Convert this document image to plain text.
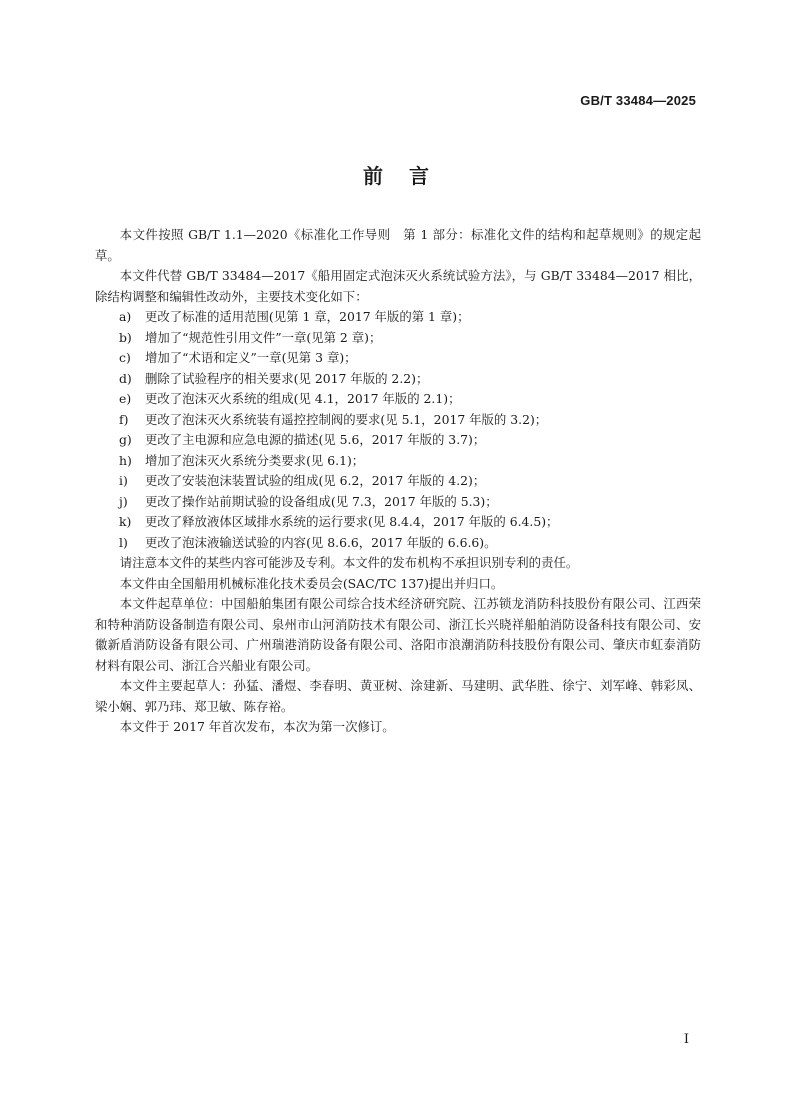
GB/T 33484—2025
前言

本文件按照 GB/T 1.1—2020《标准化工作导则　第 1 部分：标准化文件的结构和起草规则》的规定起草。

本文件代替 GB/T 33484—2017《船用固定式泡沫灭火系统试验方法》，与 GB/T 33484—2017 相比，除结构调整和编辑性改动外，主要技术变化如下：

a) 更改了标准的适用范围(见第 1 章，2017 年版的第 1 章)；

b) 增加了“规范性引用文件”一章(见第 2 章)；

c) 增加了“术语和定义”一章(见第 3 章)；

d) 删除了试验程序的相关要求(见 2017 年版的 2.2)；

e) 更改了泡沫灭火系统的组成(见 4.1，2017 年版的 2.1)；

f) 更改了泡沫灭火系统装有遥控控制阀的要求(见 5.1，2017 年版的 3.2)；

g) 更改了主电源和应急电源的描述(见 5.6，2017 年版的 3.7)；

h) 增加了泡沫灭火系统分类要求(见 6.1)；

i) 更改了安装泡沫装置试验的组成(见 6.2，2017 年版的 4.2)；

j) 更改了操作站前期试验的设备组成(见 7.3，2017 年版的 5.3)；

k) 更改了释放液体区域排水系统的运行要求(见 8.4.4，2017 年版的 6.4.5)；

l) 更改了泡沫液输送试验的内容(见 8.6.6，2017 年版的 6.6.6)。

请注意本文件的某些内容可能涉及专利。本文件的发布机构不承担识别专利的责任。

本文件由全国船用机械标准化技术委员会(SAC/TC 137)提出并归口。

本文件起草单位：中国船舶集团有限公司综合技术经济研究院、江苏锁龙消防科技股份有限公司、江西荣和特种消防设备制造有限公司、泉州市山河消防技术有限公司、浙江长兴晓祥船舶消防设备科技有限公司、安徽新盾消防设备有限公司、广州瑞港消防设备有限公司、洛阳市浪潮消防科技股份有限公司、肇庆市虹泰消防材料有限公司、浙江合兴船业有限公司。

本文件主要起草人：孙猛、潘煜、李春明、黄亚树、涂建新、马建明、武华胜、徐宁、刘军峰、韩彩凤、梁小娴、郭乃玮、郑卫敏、陈存裕。

本文件于 2017 年首次发布，本次为第一次修订。

I
